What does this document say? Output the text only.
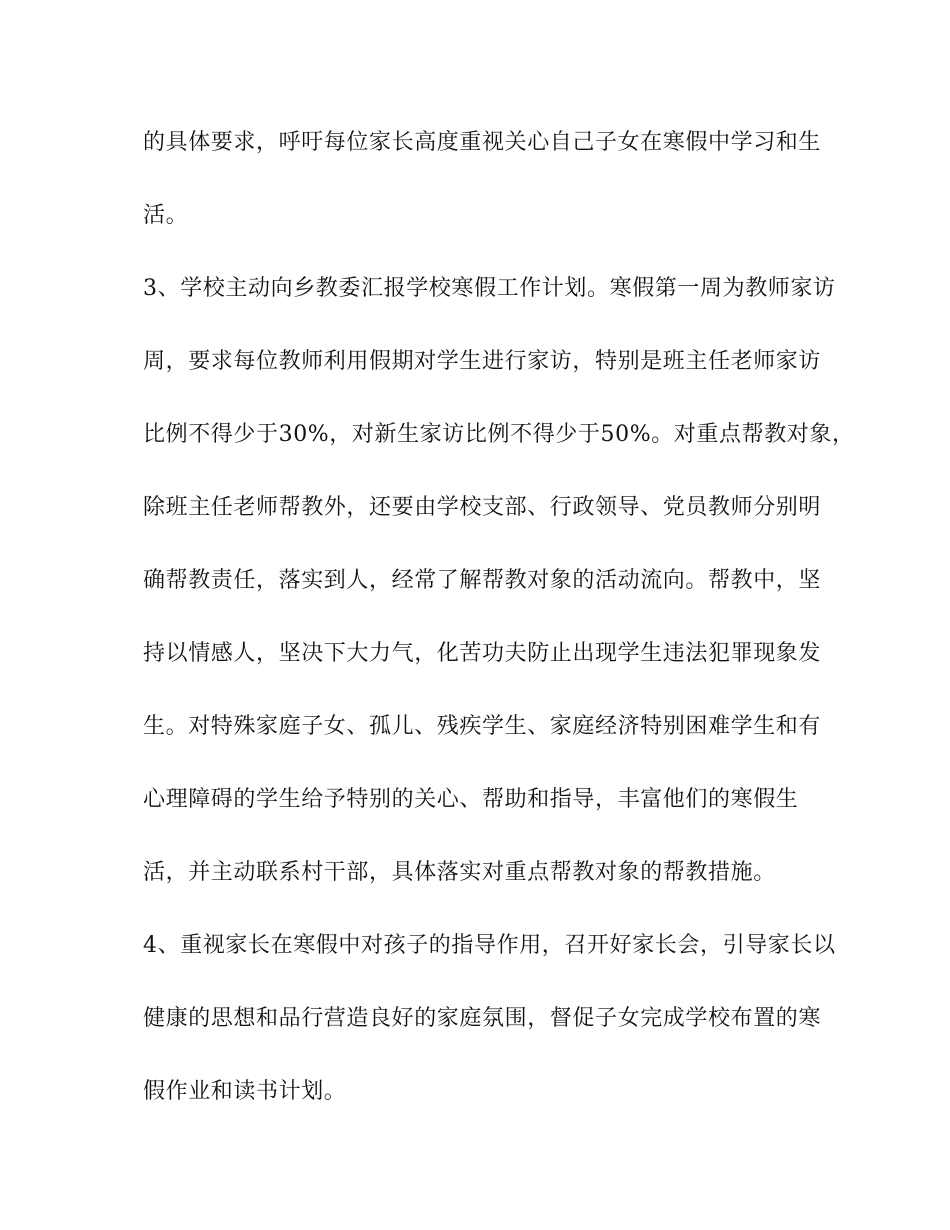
的具体要求，呼吁每位家长高度重视关心自己子女在寒假中学习和生
活。
3、学校主动向乡教委汇报学校寒假工作计划。寒假第一周为教师家访
周，要求每位教师利用假期对学生进行家访，特别是班主任老师家访
比例不得少于30%，对新生家访比例不得少于50%。对重点帮教对象，
除班主任老师帮教外，还要由学校支部、行政领导、党员教师分别明
确帮教责任，落实到人，经常了解帮教对象的活动流向。帮教中，坚
持以情感人，坚决下大力气，化苦功夫防止出现学生违法犯罪现象发
生。对特殊家庭子女、孤儿、残疾学生、家庭经济特别困难学生和有
心理障碍的学生给予特别的关心、帮助和指导，丰富他们的寒假生
活，并主动联系村干部，具体落实对重点帮教对象的帮教措施。
4、重视家长在寒假中对孩子的指导作用，召开好家长会，引导家长以
健康的思想和品行营造良好的家庭氛围，督促子女完成学校布置的寒
假作业和读书计划。
